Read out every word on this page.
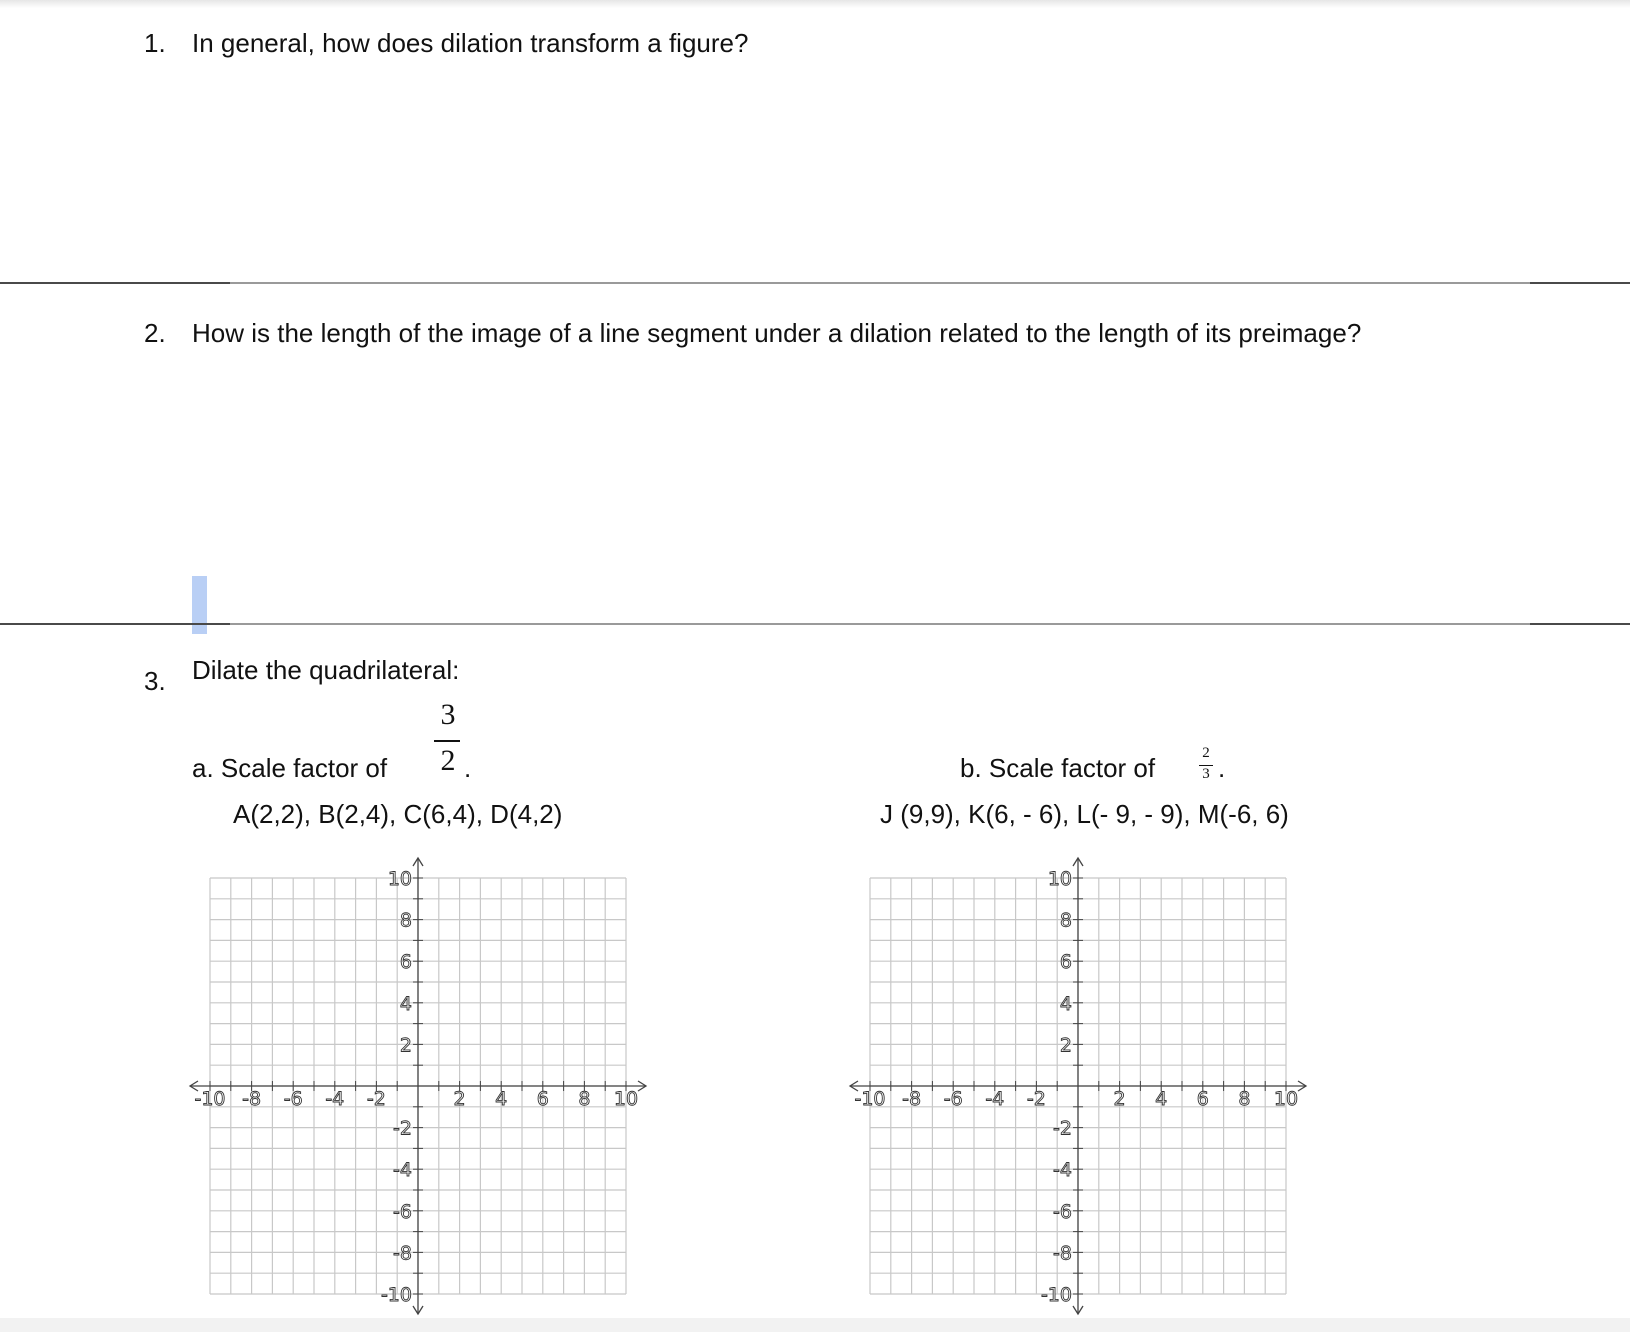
1. In general, how does dilation transform a figure?
2. How is the length of the image of a line segment under a dilation related to the length of its preimage?
3. Dilate the quadrilateral:
a. Scale factor of
3
2 .
A(2,2), B(2,4), C(6,4), D(4,2)
b. Scale factor of	2
3 .
J (9,9), K(6, - 6), L(- 9, - 9), M(-6, 6)
-10 -8 -6 -4 -2	2 4 6 8 10
10
8
6
4
2
-2
-4
-6
-8
-10
-10 -8 -6 -4 -2	2 4 6 8 10
10
8
6
4
2
-2
-4
-6
-8
-10
